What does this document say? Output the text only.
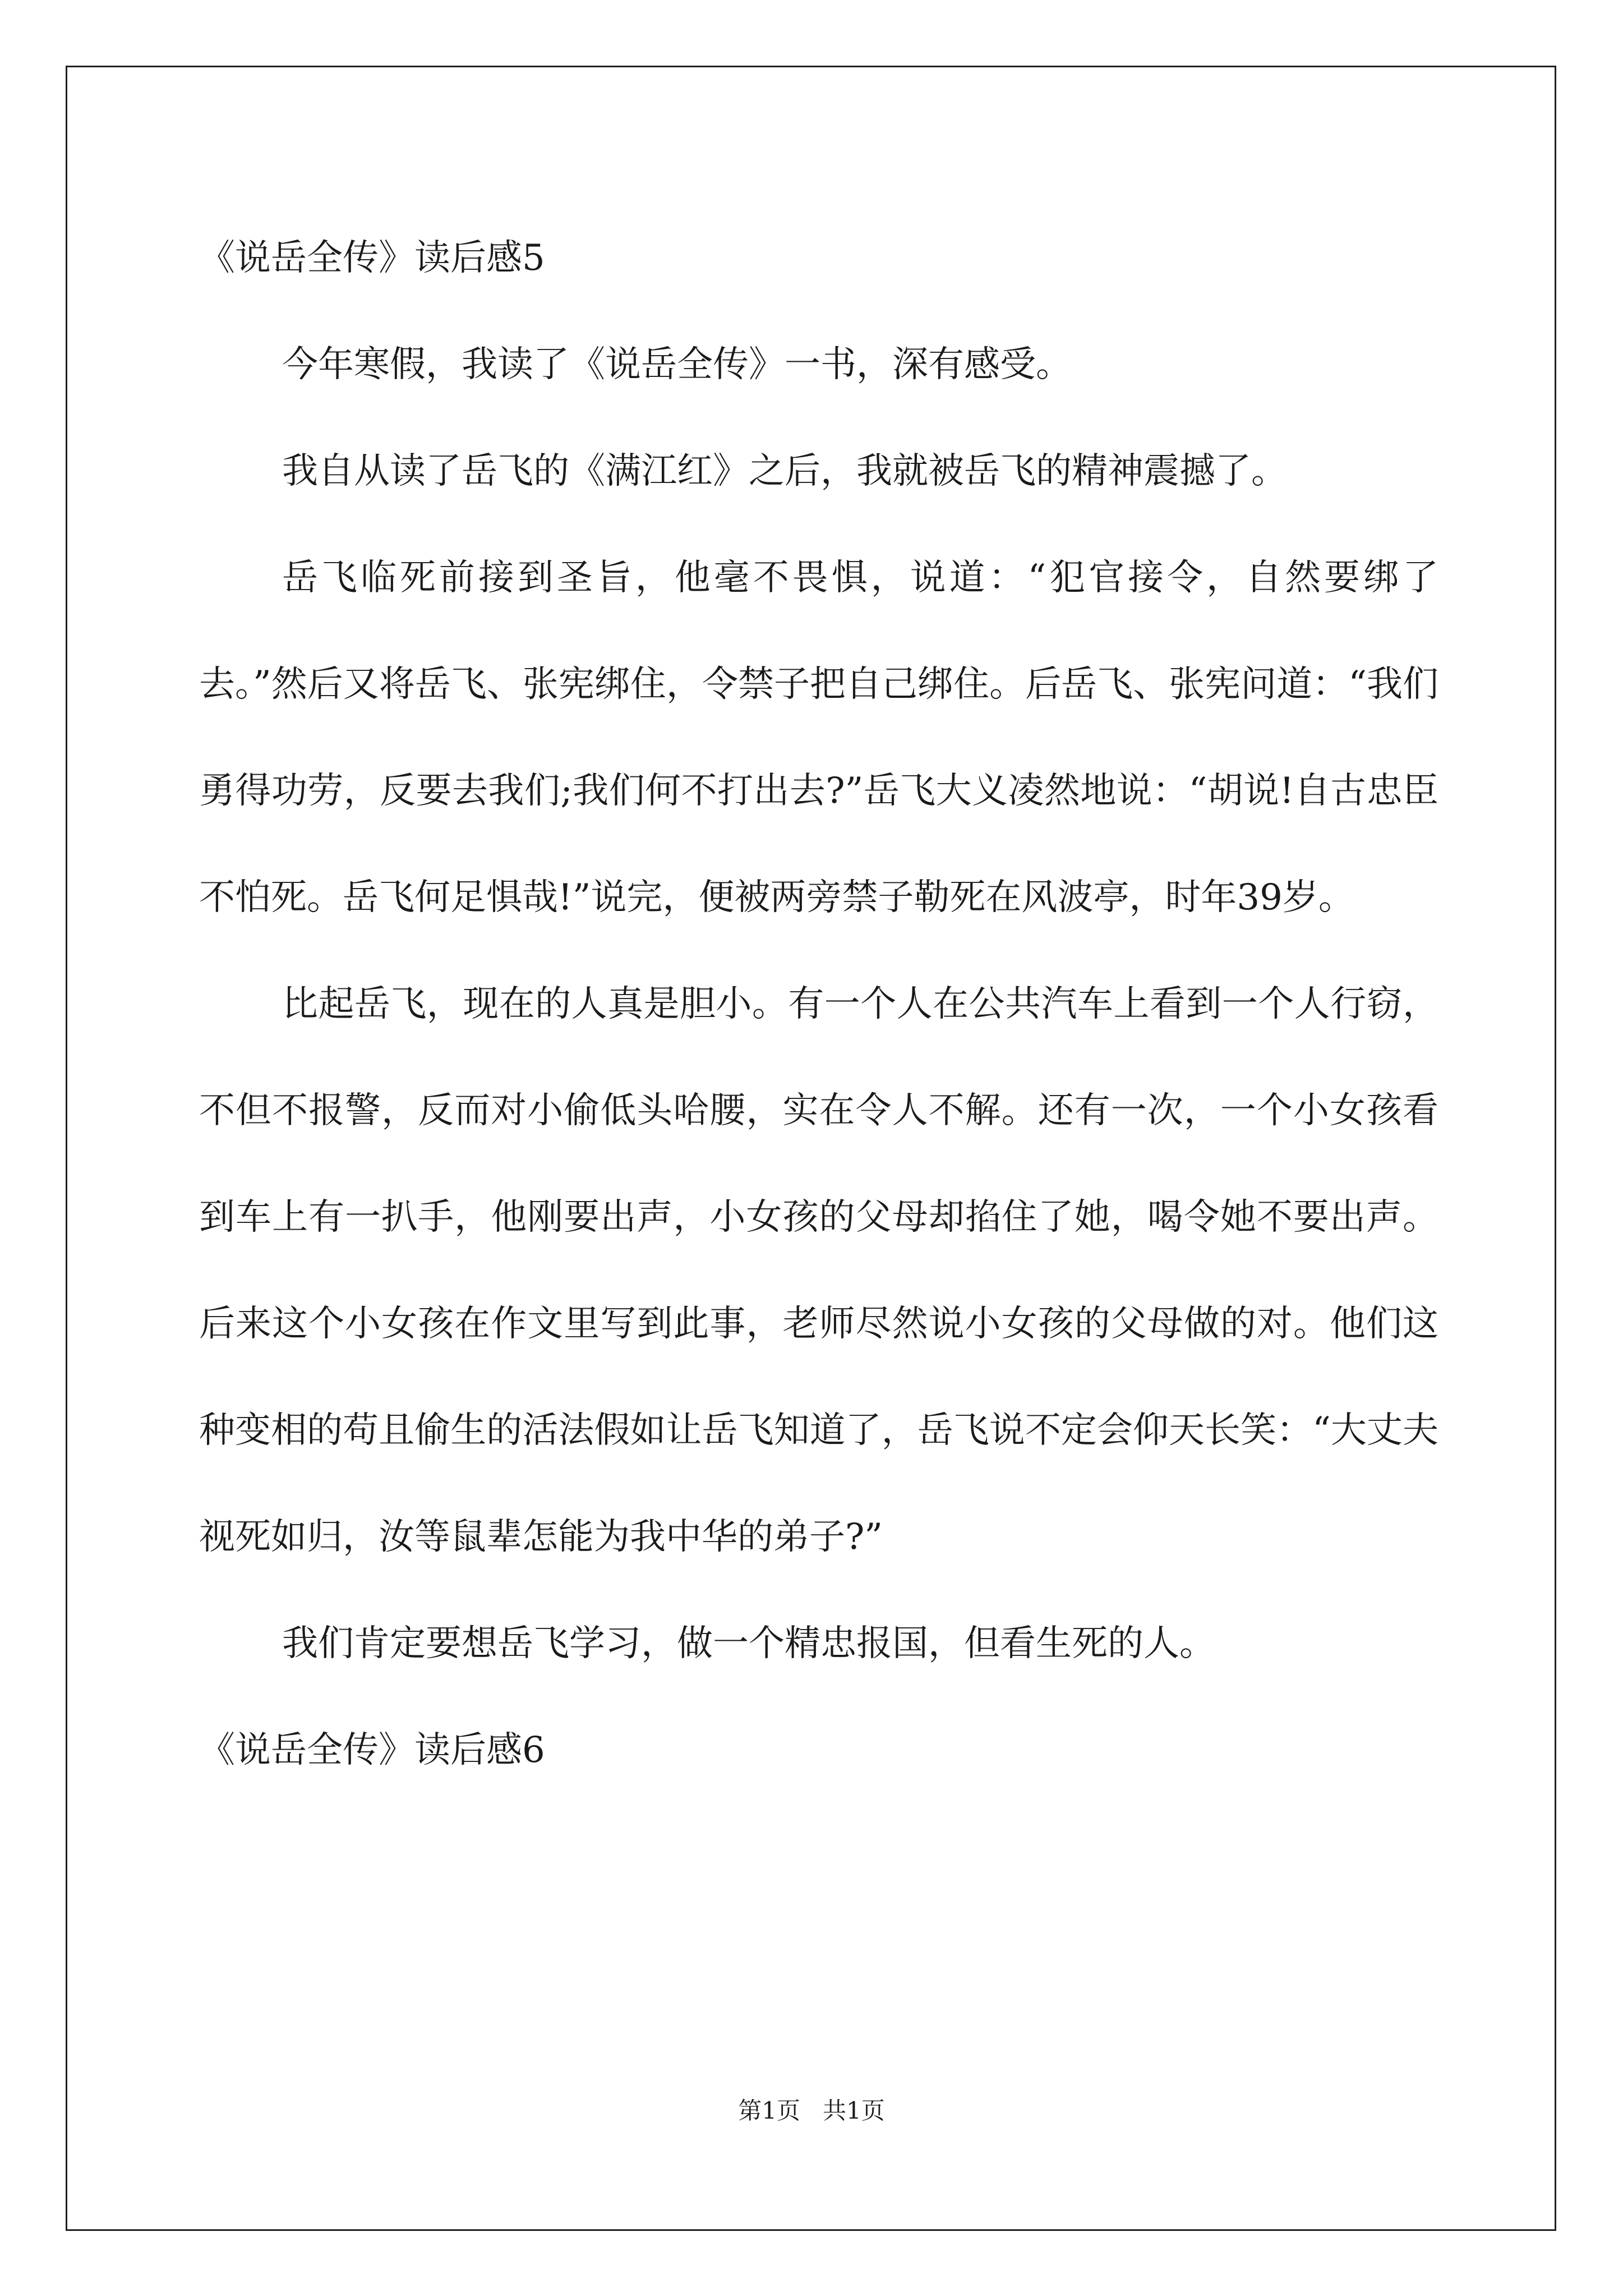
《说岳全传》读后感5

今年寒假，我读了《说岳全传》一书，深有感受。

我自从读了岳飞的《满江红》之后，我就被岳飞的精神震撼了。

岳飞临死前接到圣旨，他毫不畏惧，说道：“犯官接令，自然要绑了去。”然后又将岳飞、张宪绑住，令禁子把自己绑住。后岳飞、张宪问道：“我们勇得功劳，反要去我们;我们何不打出去?”岳飞大义凌然地说：“胡说!自古忠臣不怕死。岳飞何足惧哉!”说完，便被两旁禁子勒死在风波亭，时年39岁。

比起岳飞，现在的人真是胆小。有一个人在公共汽车上看到一个人行窃，不但不报警，反而对小偷低头哈腰，实在令人不解。还有一次，一个小女孩看到车上有一扒手，他刚要出声，小女孩的父母却掐住了她，喝令她不要出声。后来这个小女孩在作文里写到此事，老师尽然说小女孩的父母做的对。他们这种变相的苟且偷生的活法假如让岳飞知道了，岳飞说不定会仰天长笑：“大丈夫视死如归，汝等鼠辈怎能为我中华的弟子?”

我们肯定要想岳飞学习，做一个精忠报国，但看生死的人。

《说岳全传》读后感6
第1页   共1页
